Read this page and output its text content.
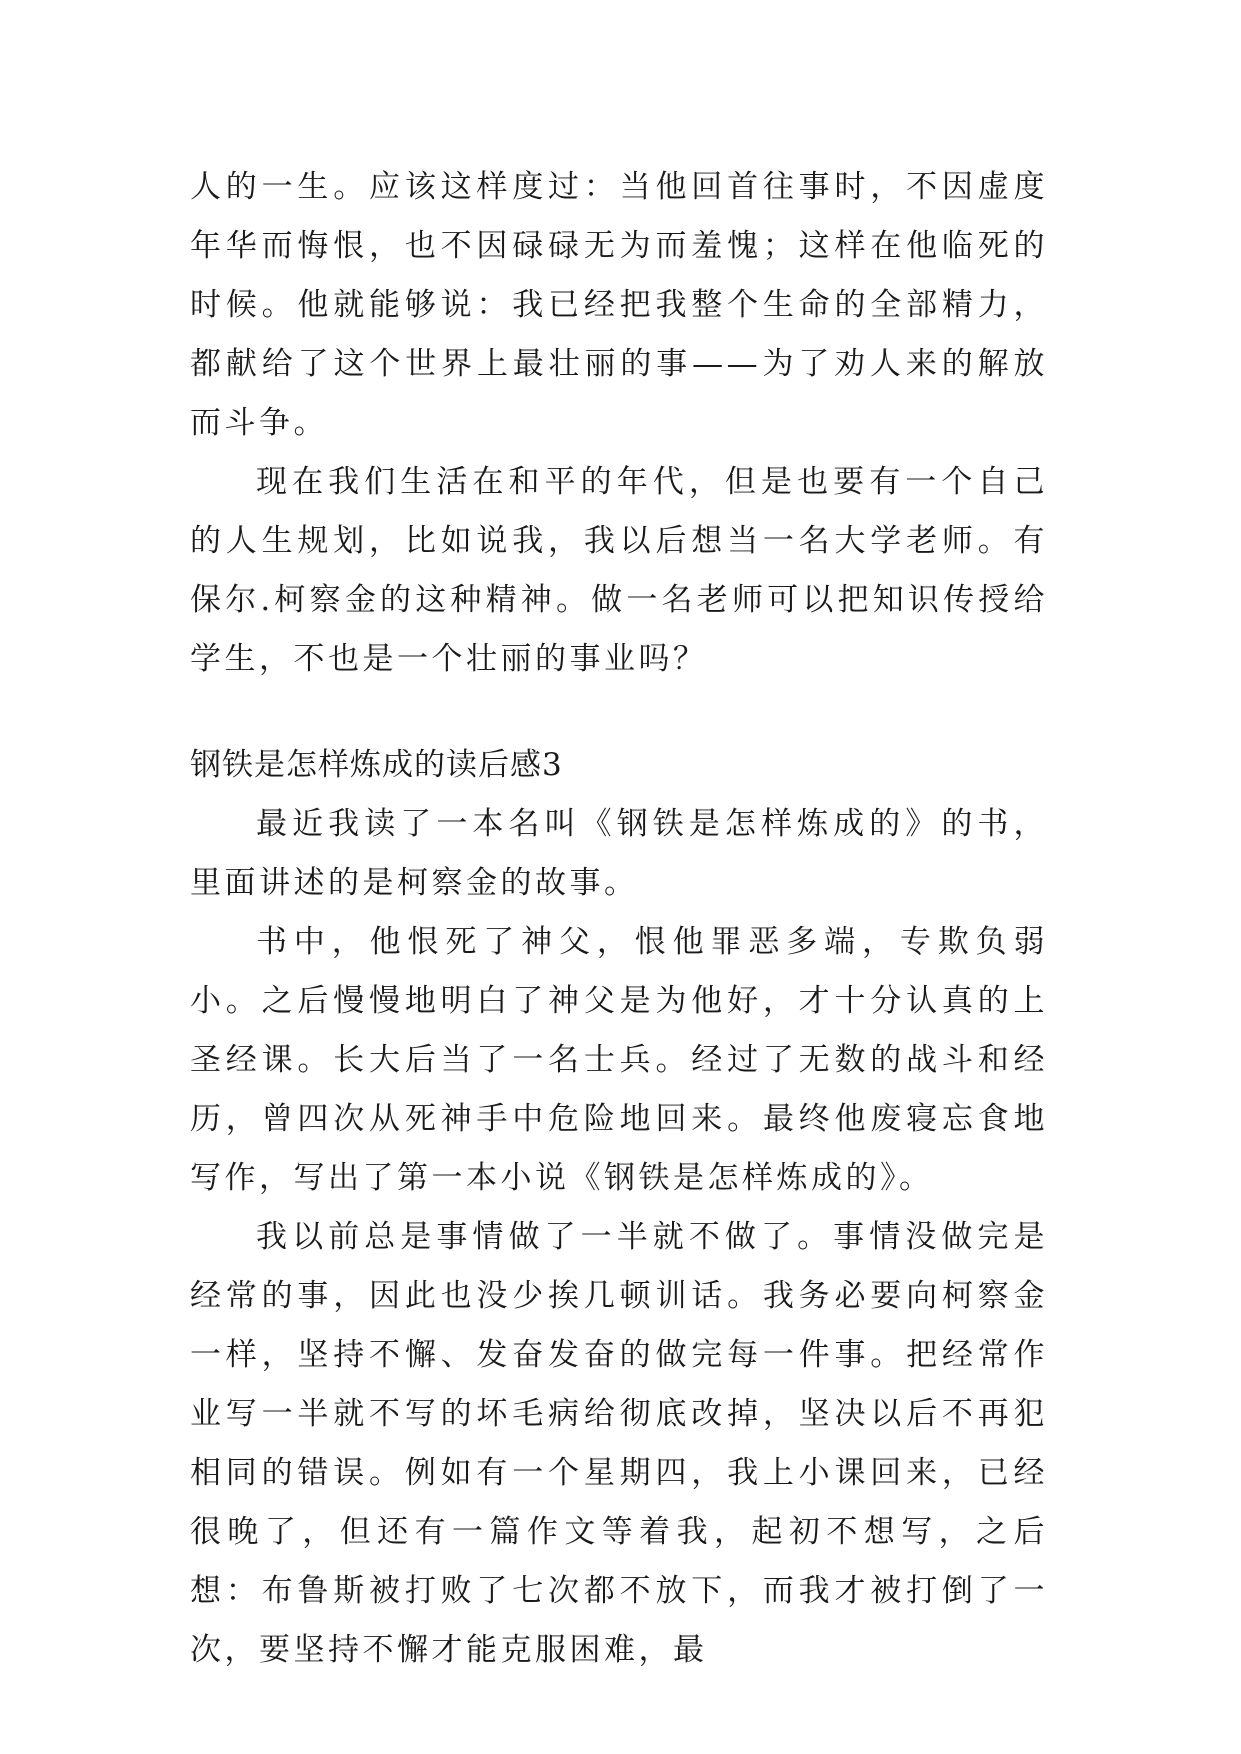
人的一生。应该这样度过：当他回首往事时，不因虚度年华而悔恨，也不因碌碌无为而羞愧；这样在他临死的时候。他就能够说：我已经把我整个生命的全部精力，都献给了这个世界上最壮丽的事——为了劝人来的解放而斗争。

现在我们生活在和平的年代，但是也要有一个自己的人生规划，比如说我，我以后想当一名大学老师。有保尔.柯察金的这种精神。做一名老师可以把知识传授给学生，不也是一个壮丽的事业吗？

钢铁是怎样炼成的读后感3

最近我读了一本名叫《钢铁是怎样炼成的》的书，里面讲述的是柯察金的故事。

书中，他恨死了神父，恨他罪恶多端，专欺负弱小。之后慢慢地明白了神父是为他好，才十分认真的上圣经课。长大后当了一名士兵。经过了无数的战斗和经历，曾四次从死神手中危险地回来。最终他废寝忘食地写作，写出了第一本小说《钢铁是怎样炼成的》。

我以前总是事情做了一半就不做了。事情没做完是经常的事，因此也没少挨几顿训话。我务必要向柯察金一样，坚持不懈、发奋发奋的做完每一件事。把经常作业写一半就不写的坏毛病给彻底改掉，坚决以后不再犯相同的错误。例如有一个星期四，我上小课回来，已经很晚了，但还有一篇作文等着我，起初不想写，之后想：布鲁斯被打败了七次都不放下，而我才被打倒了一次，要坚持不懈才能克服困难，最
